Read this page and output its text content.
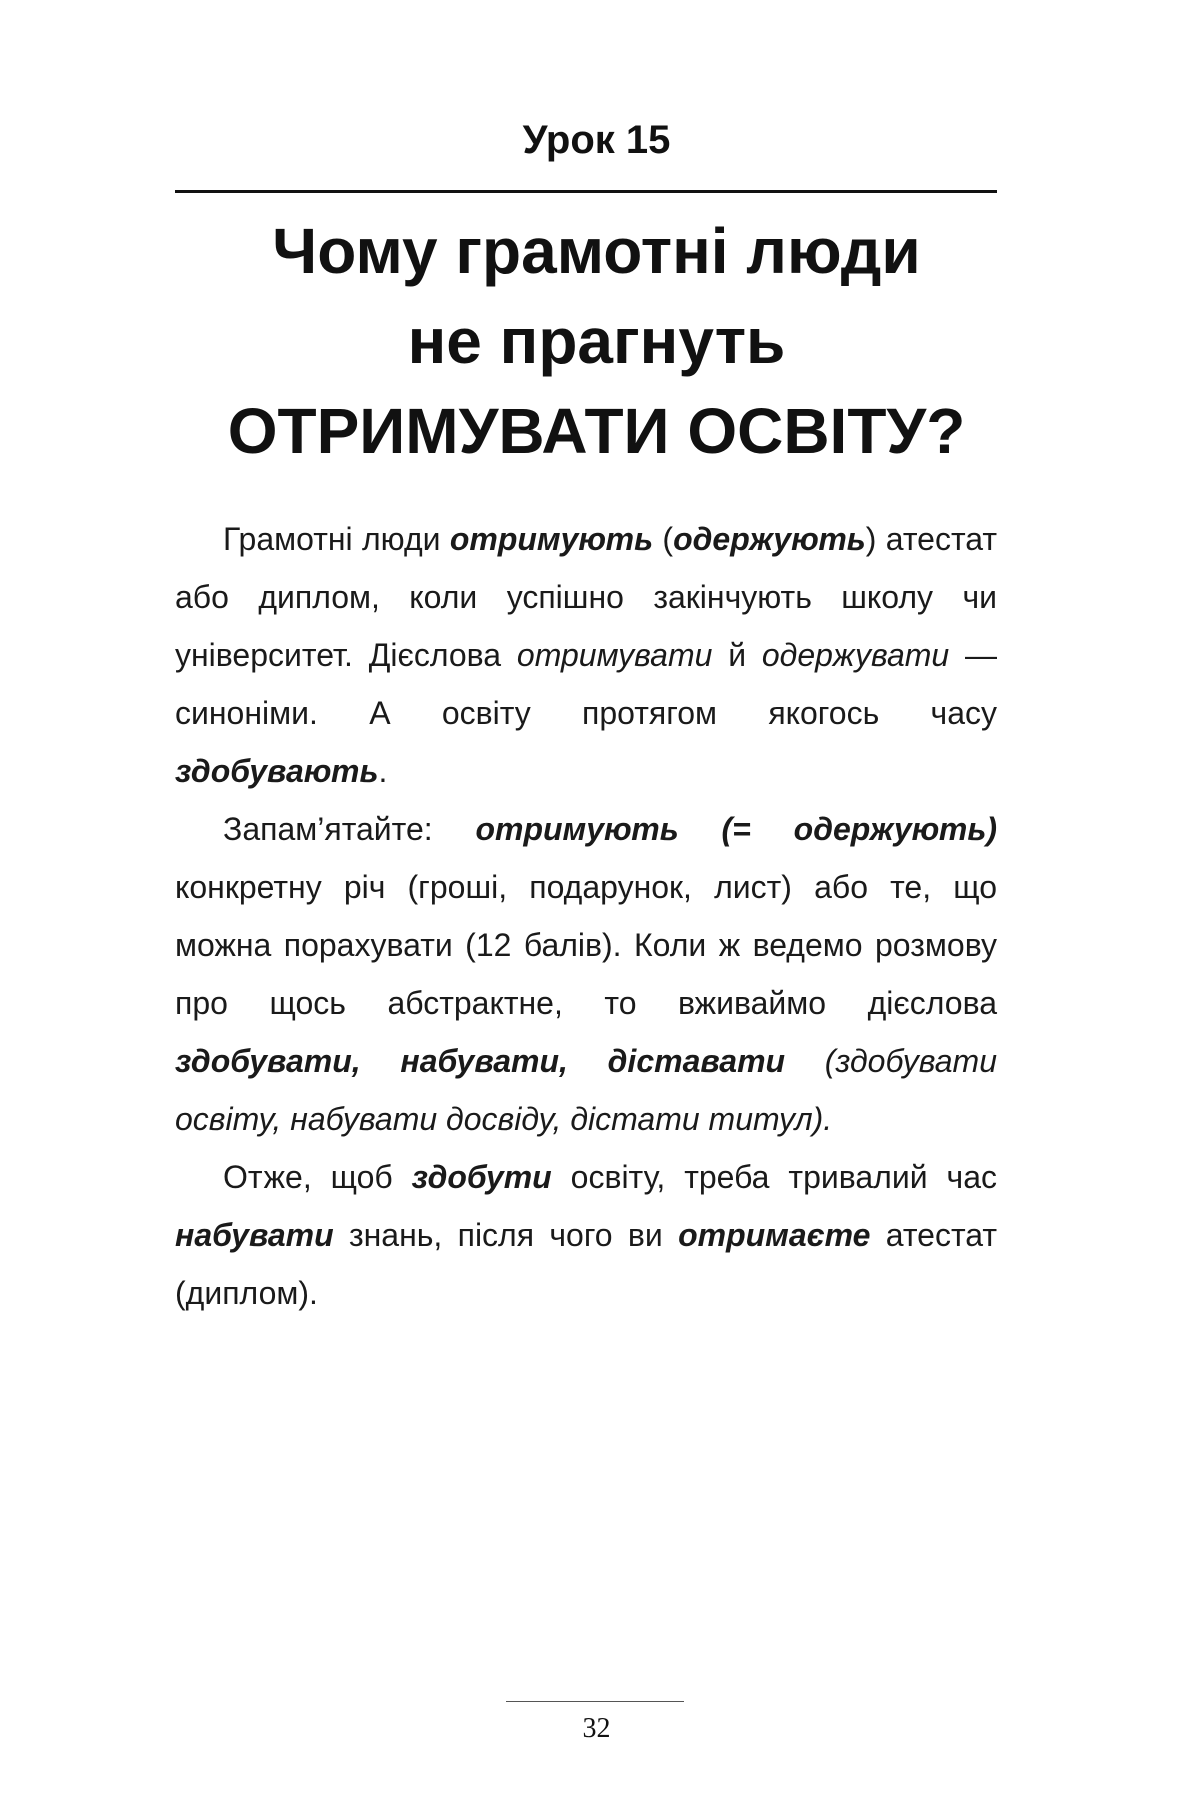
Урок 15
Чому грамотні люди
не прагнуть
ОТРИМУВАТИ ОСВІТУ?

Грамотні люди отримують (одержують) атестат або диплом, коли успішно закінчують школу чи університет. Дієслова отримувати й одержувати — синоніми. А освіту протягом якогось часу здобувають.

Запам’ятайте: отримують (= одержують) конкретну річ (гроші, подарунок, лист) або те, що можна порахувати (12 балів). Коли ж ведемо розмову про щось абстрактне, то вживаймо дієслова здобувати, набувати, діставати (здобувати освіту, набувати досвіду, дістати титул).

Отже, щоб здобути освіту, треба тривалий час набувати знань, після чого ви отримаєте атестат (диплом).

32
